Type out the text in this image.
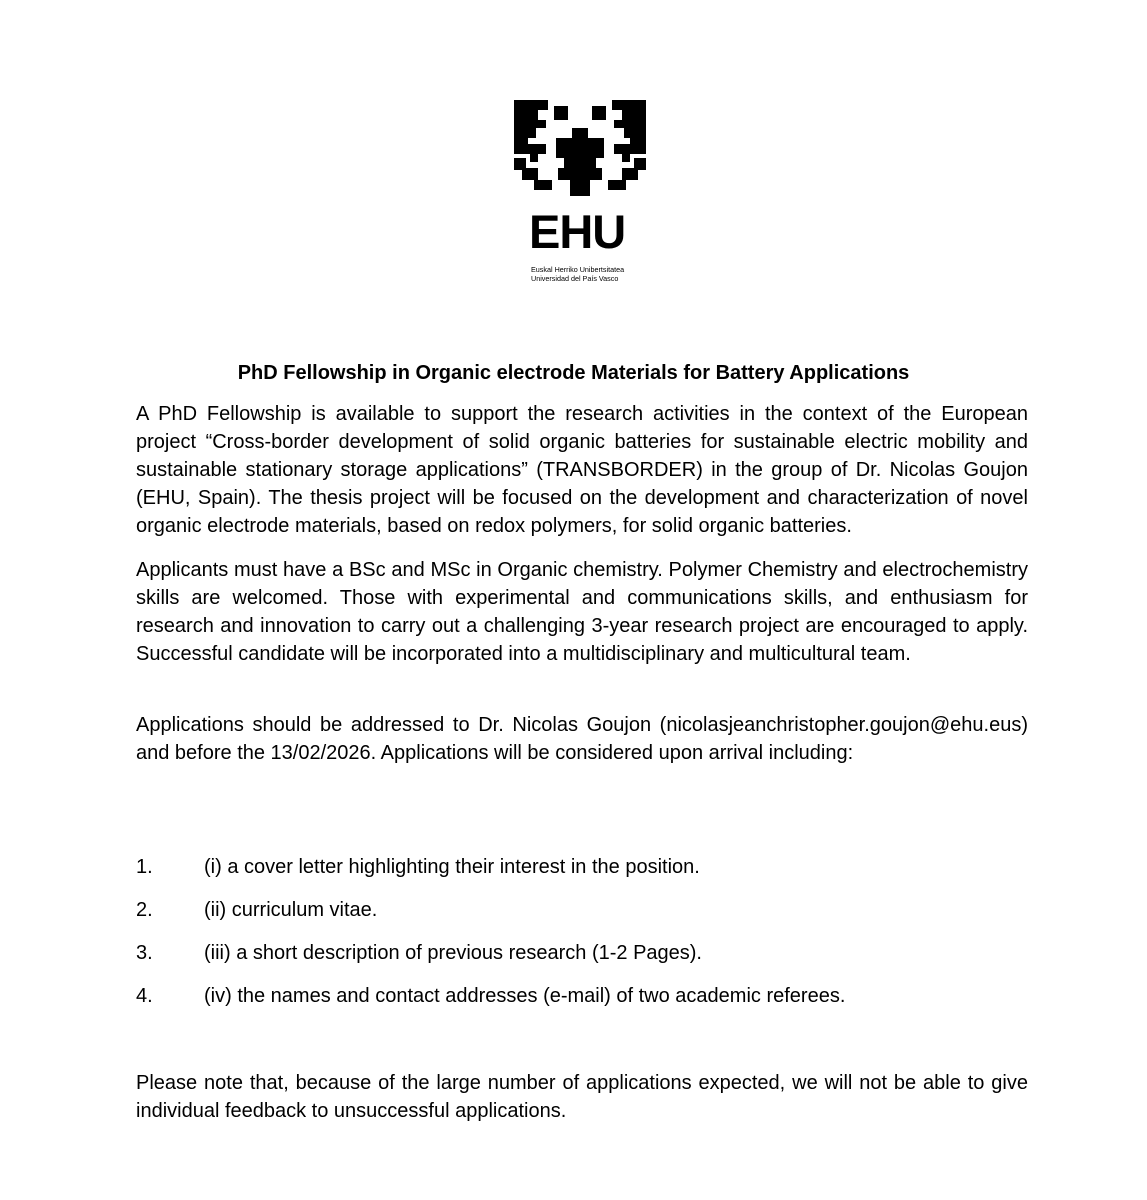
EHU
Euskal Herriko Unibertsitatea
Universidad del País Vasco
PhD Fellowship in Organic electrode Materials for Battery Applications

A PhD Fellowship is available to support the research activities in the context of the European project “Cross-border development of solid organic batteries for sustainable electric mobility and sustainable stationary storage applications” (TRANSBORDER) in the group of Dr. Nicolas Goujon (EHU, Spain). The thesis project will be focused on the development and characterization of novel organic electrode materials, based on redox polymers, for solid organic batteries.

Applicants must have a BSc and MSc in Organic chemistry. Polymer Chemistry and electrochemistry skills are welcomed. Those with experimental and communications skills, and enthusiasm for research and innovation to carry out a challenging 3-year research project are encouraged to apply. Successful candidate will be incorporated into a multidisciplinary and multicultural team.

Applications should be addressed to Dr. Nicolas Goujon (nicolasjeanchristopher.goujon@ehu.eus) and before the 13/02/2026. Applications will be considered upon arrival including:

1.	(i) a cover letter highlighting their interest in the position.
2.	(ii) curriculum vitae.
3.	(iii) a short description of previous research (1-2 Pages).
4.	(iv) the names and contact addresses (e-mail) of two academic referees.

Please note that, because of the large number of applications expected, we will not be able to give individual feedback to unsuccessful applications.
